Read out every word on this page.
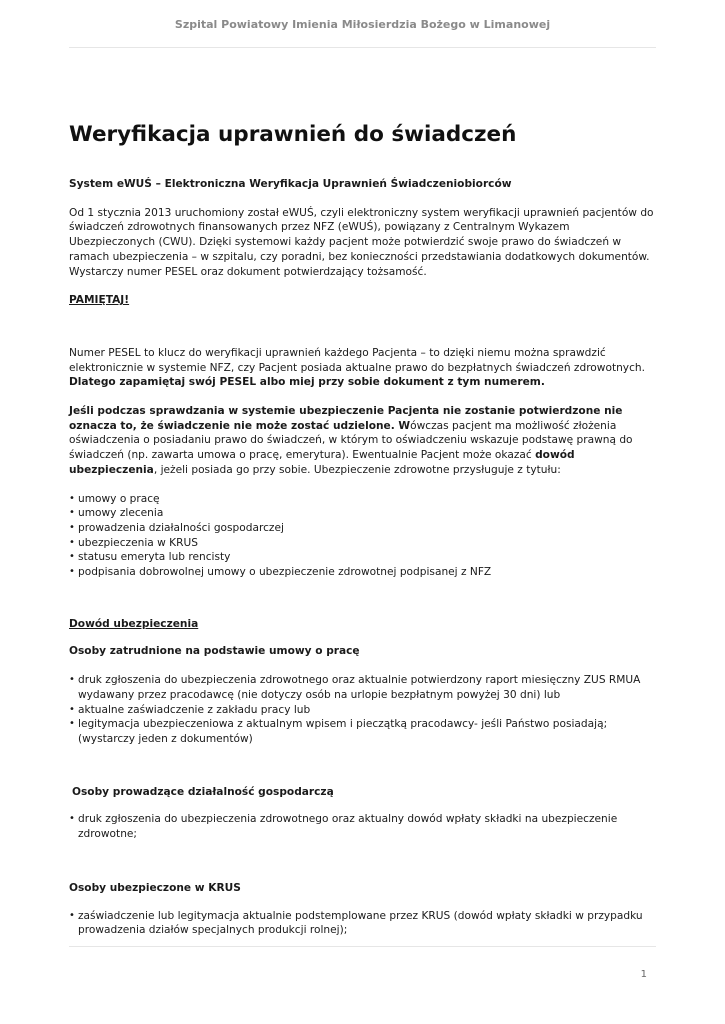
Szpital Powiatowy Imienia Miłosierdzia Bożego w Limanowej
Weryfikacja uprawnień do świadczeń

System eWUŚ – Elektroniczna Weryfikacja Uprawnień Świadczeniobiorców

Od 1 stycznia 2013 uruchomiony został eWUŚ, czyli elektroniczny system weryfikacji uprawnień pacjentów do świadczeń zdrowotnych finansowanych przez NFZ (eWUŚ), powiązany z Centralnym Wykazem Ubezpieczonych (CWU). Dzięki systemowi każdy pacjent może potwierdzić swoje prawo do świadczeń w ramach ubezpieczenia – w szpitalu, czy poradni, bez konieczności przedstawiania dodatkowych dokumentów. Wystarczy numer PESEL oraz dokument potwierdzający tożsamość.

PAMIĘTAJ!

Numer PESEL to klucz do weryfikacji uprawnień każdego Pacjenta – to dzięki niemu można sprawdzić elektronicznie w systemie NFZ, czy Pacjent posiada aktualne prawo do bezpłatnych świadczeń zdrowotnych. Dlatego zapamiętaj swój PESEL albo miej przy sobie dokument z tym numerem.

Jeśli podczas sprawdzania w systemie ubezpieczenie Pacjenta nie zostanie potwierdzone nie oznacza to, że świadczenie nie może zostać udzielone. Wówczas pacjent ma możliwość złożenia oświadczenia o posiadaniu prawo do świadczeń, w którym to oświadczeniu wskazuje podstawę prawną do świadczeń (np. zawarta umowa o pracę, emerytura). Ewentualnie Pacjent może okazać dowód ubezpieczenia, jeżeli posiada go przy sobie. Ubezpieczenie zdrowotne przysługuje z tytułu:

• umowy o pracę
• umowy zlecenia
• prowadzenia działalności gospodarczej
• ubezpieczenia w KRUS
• statusu emeryta lub rencisty
• podpisania dobrowolnej umowy o ubezpieczenie zdrowotnej podpisanej z NFZ

Dowód ubezpieczenia

Osoby zatrudnione na podstawie umowy o pracę

• druk zgłoszenia do ubezpieczenia zdrowotnego oraz aktualnie potwierdzony raport miesięczny ZUS RMUA wydawany przez pracodawcę (nie dotyczy osób na urlopie bezpłatnym powyżej 30 dni) lub
• aktualne zaświadczenie z zakładu pracy lub
• legitymacja ubezpieczeniowa z aktualnym wpisem i pieczątką pracodawcy- jeśli Państwo posiadają; (wystarczy jeden z dokumentów)

Osoby prowadzące działalność gospodarczą

• druk zgłoszenia do ubezpieczenia zdrowotnego oraz aktualny dowód wpłaty składki na ubezpieczenie zdrowotne;

Osoby ubezpieczone w KRUS

• zaświadczenie lub legitymacja aktualnie podstemplowane przez KRUS (dowód wpłaty składki w przypadku prowadzenia działów specjalnych produkcji rolnej);
1
